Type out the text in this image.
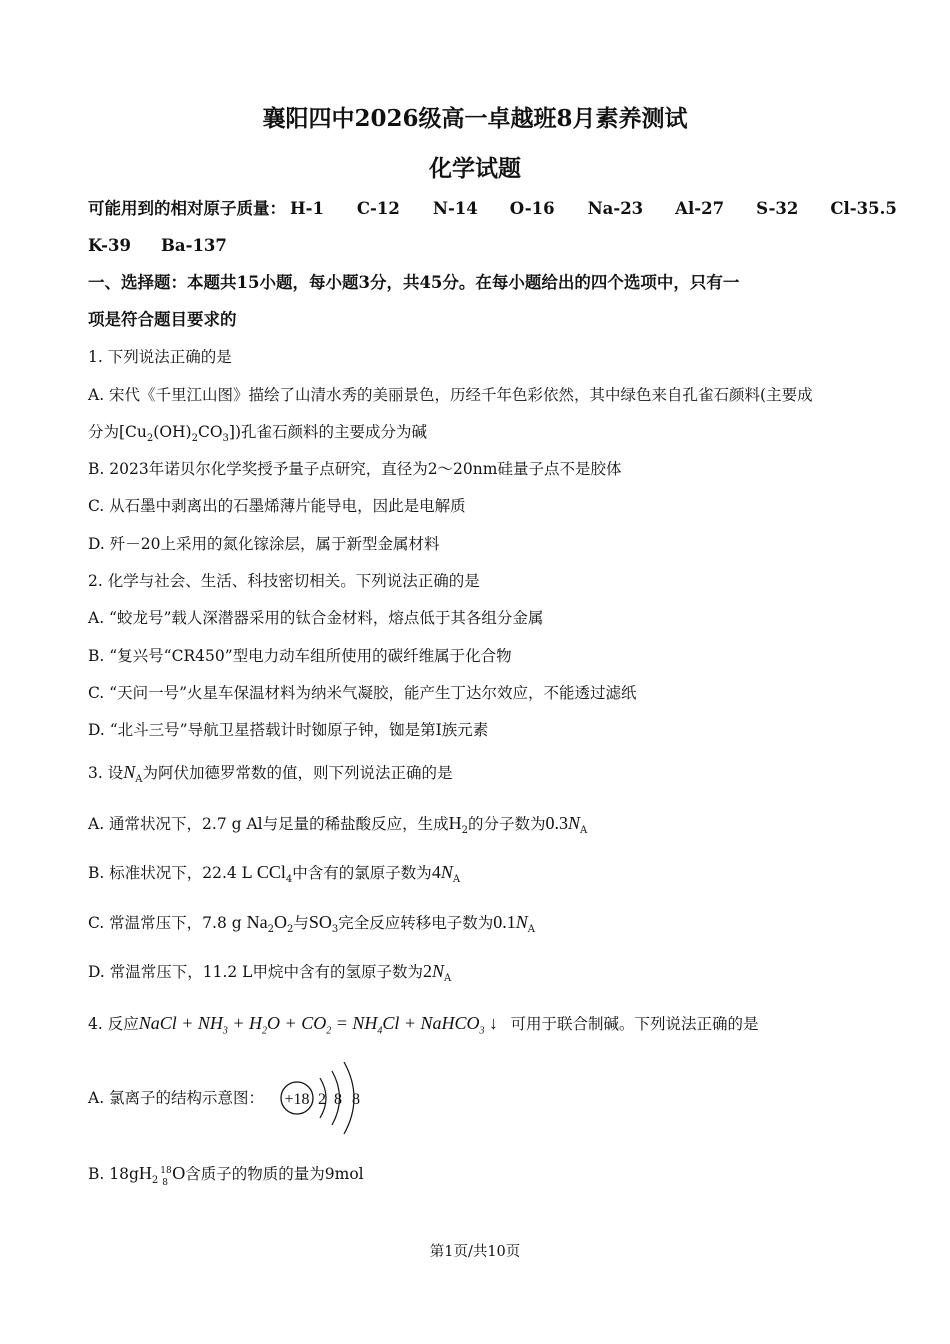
襄阳四中2026级高一卓越班8月素养测试
化学试题
可能用到的相对原子质量： H-1 C-12 N-14 O-16 Na-23 Al-27 S-32 Cl-35.5
K-39 Ba-137
一、选择题：本题共15小题，每小题3分，共45分。在每小题给出的四个选项中，只有一
项是符合题目要求的
1. 下列说法正确的是
A. 宋代《千里江山图》描绘了山清水秀的美丽景色，历经千年色彩依然，其中绿色来自孔雀石颜料(主要成
分为$[Cu_2(OH)_2CO_3]$)孔雀石颜料的主要成分为碱
B. 2023年诺贝尔化学奖授予量子点研究，直径为2～20nm硅量子点不是胶体
C. 从石墨中剥离出的石墨烯薄片能导电，因此是电解质
D. 歼－20上采用的氮化镓涂层，属于新型金属材料
2. 化学与社会、生活、科技密切相关。下列说法正确的是
A. “蛟龙号”载人深潜器采用的钛合金材料，熔点低于其各组分金属
B. “复兴号“CR450”型电力动车组所使用的碳纤维属于化合物
C. “天问一号”火星车保温材料为纳米气凝胶，能产生丁达尔效应，不能透过滤纸
D. “北斗三号”导航卫星搭载计时铷原子钟，铷是第Ⅰ族元素
3. 设$N_A$为阿伏加德罗常数的值，则下列说法正确的是
A. 通常状况下，2.7 g Al与足量的稀盐酸反应，生成$H_2$的分子数为$0.3N_A$
B. 标准状况下，22.4 L CCl$_4$中含有的氯原子数为$4N_A$
C. 常温常压下，7.8 g $Na_2O_2$与$SO_3$完全反应转移电子数为$0.1N_A$
D. 常温常压下，11.2 L甲烷中含有的氢原子数为$2N_A$
4. 反应NaCl + $NH_3 + H_2O + CO_2 = NH_4Cl$ + NaHCO$_3$ ↓ 可用于联合制碱。下列说法正确的是
A. 氯离子的结构示意图： +18 2 8 8
B. $18gH_2$
18
8 O含质子的物质的量为9mol
第1页/共10页
